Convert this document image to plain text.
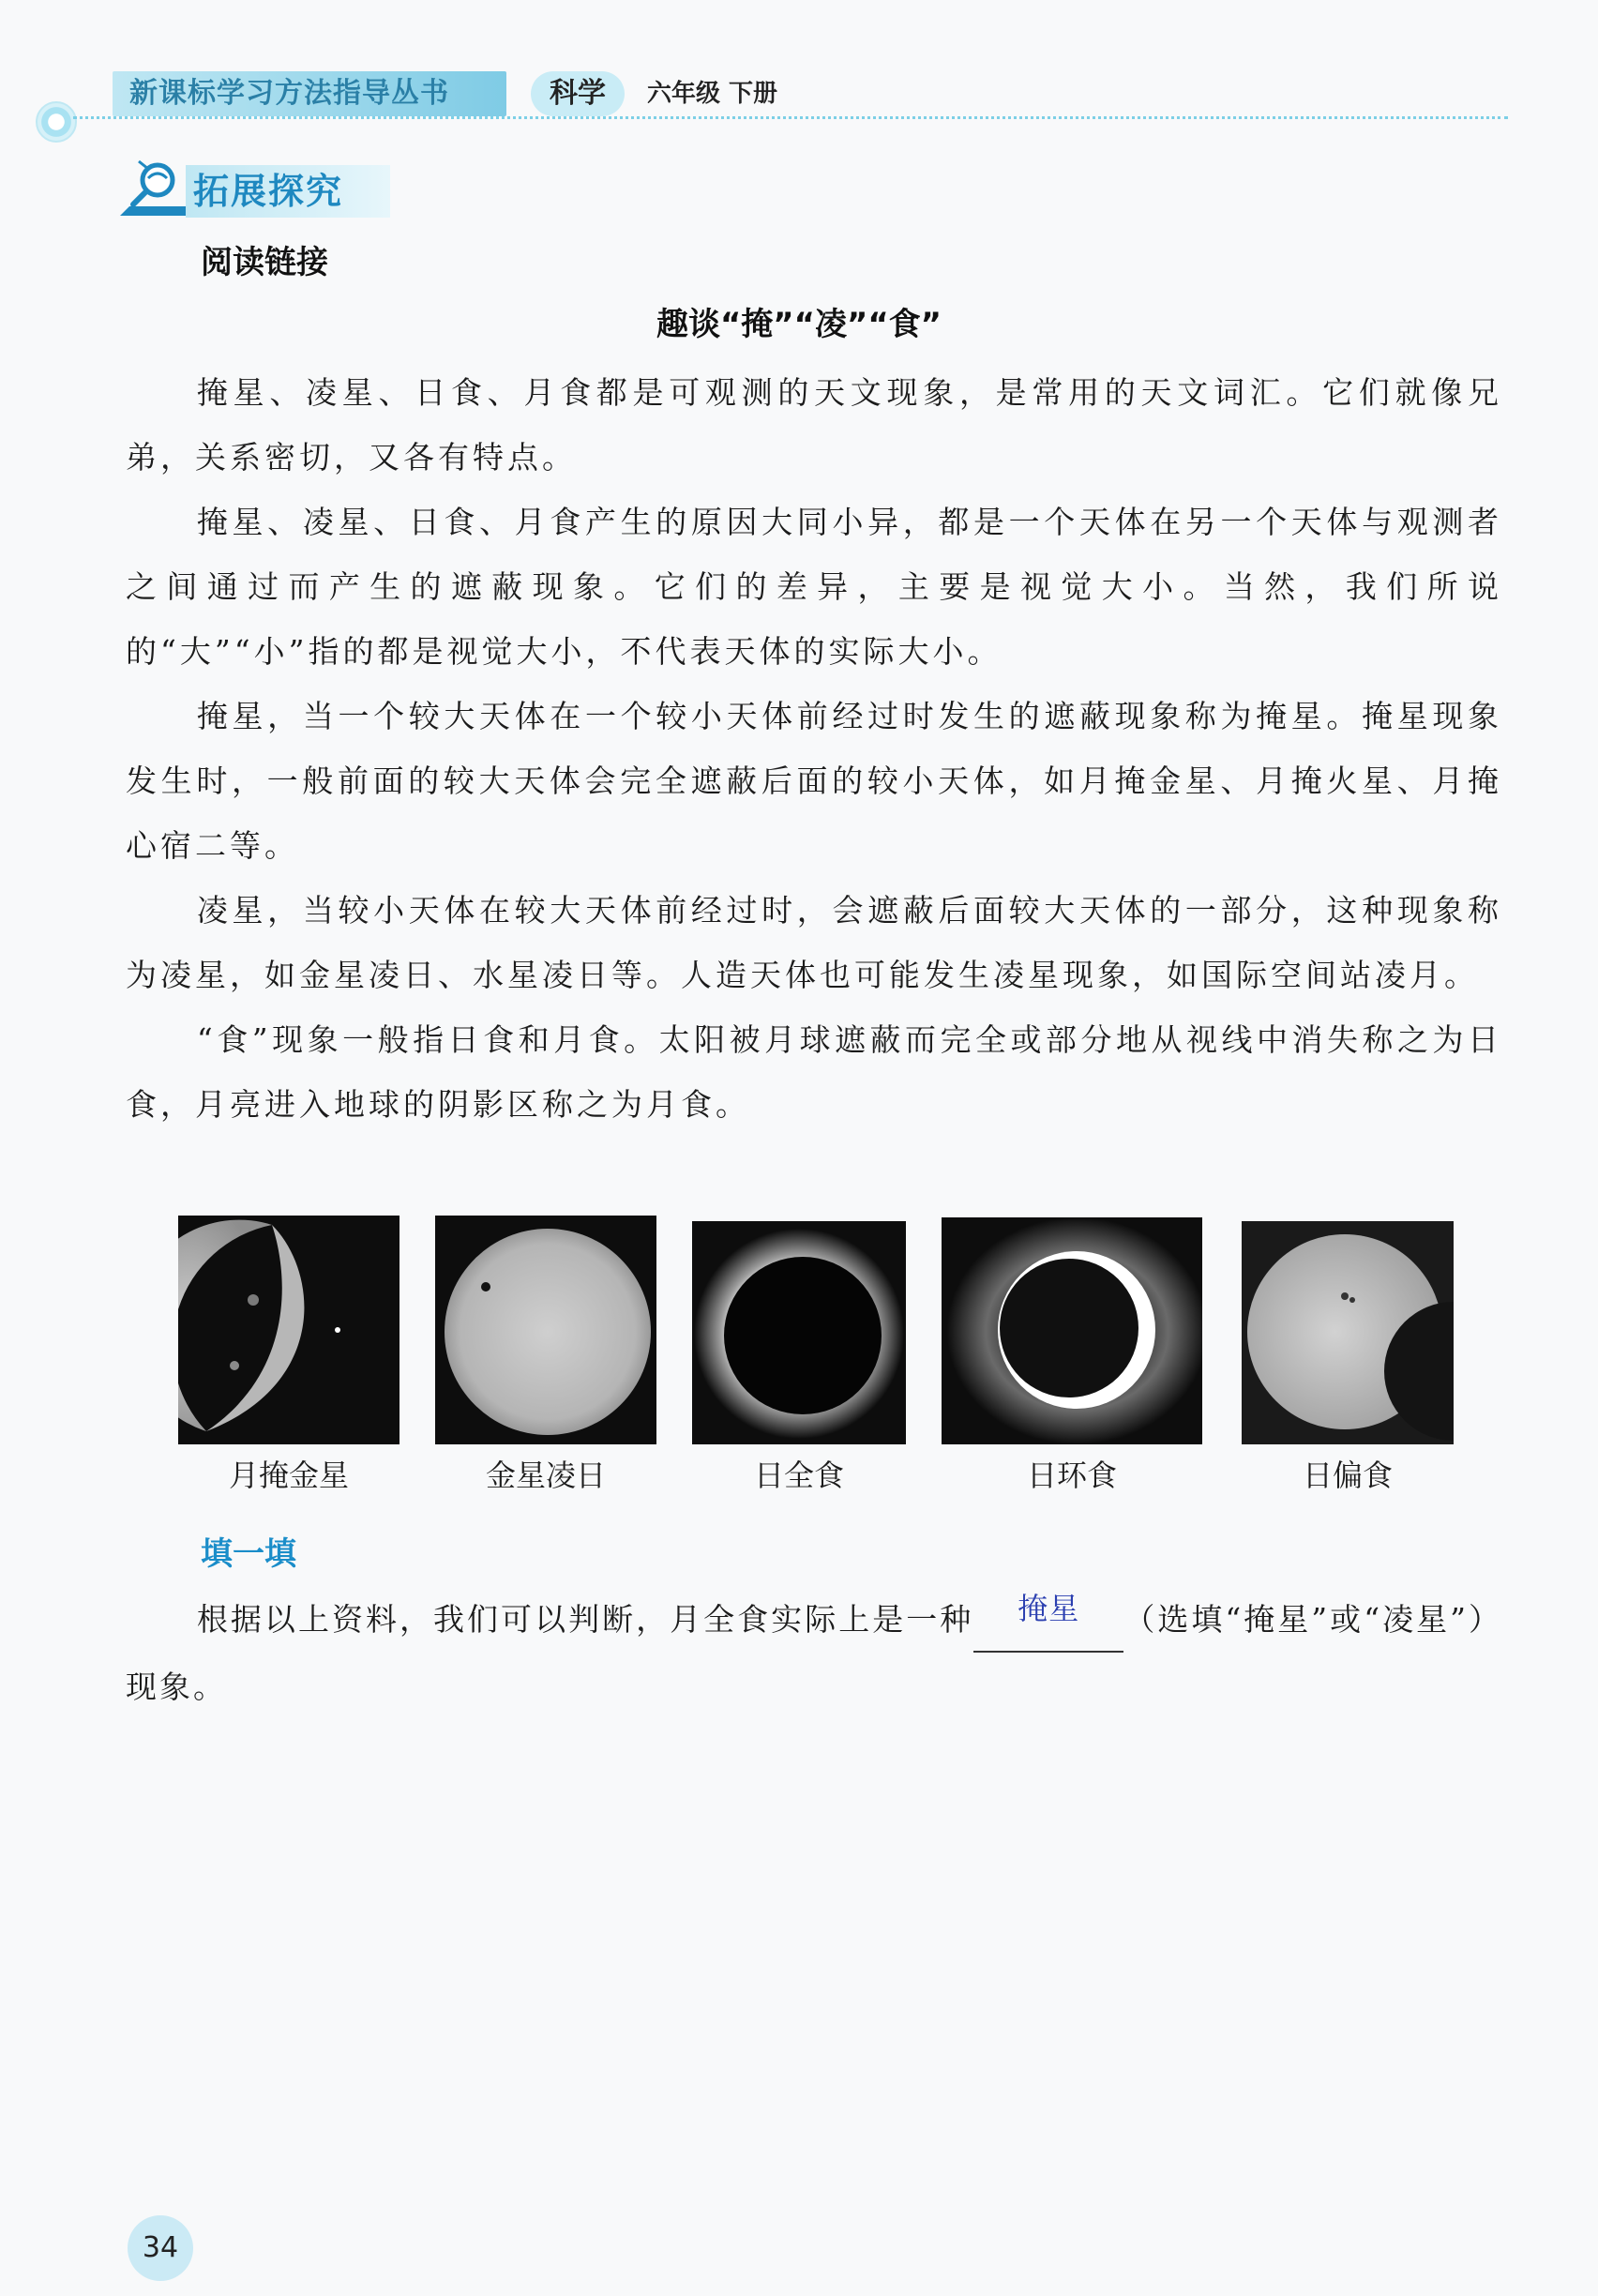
新课标学习方法指导丛书	科学	六年级 下册
拓展探究
阅读链接
趣谈“掩”“凌”“食”

掩星、凌星、日食、月食都是可观测的天文现象，是常用的天文词汇。它们就像兄弟，关系密切，又各有特点。

掩星、凌星、日食、月食产生的原因大同小异，都是一个天体在另一个天体与观测者之间通过而产生的遮蔽现象。它们的差异，主要是视觉大小。当然，我们所说的“大”“小”指的都是视觉大小，不代表天体的实际大小。

掩星，当一个较大天体在一个较小天体前经过时发生的遮蔽现象称为掩星。掩星现象发生时，一般前面的较大天体会完全遮蔽后面的较小天体，如月掩金星、月掩火星、月掩心宿二等。

凌星，当较小天体在较大天体前经过时，会遮蔽后面较大天体的一部分，这种现象称为凌星，如金星凌日、水星凌日等。人造天体也可能发生凌星现象，如国际空间站凌月。

“食”现象一般指日食和月食。太阳被月球遮蔽而完全或部分地从视线中消失称之为日食，月亮进入地球的阴影区称之为月食。

月掩金星	金星凌日	日全食	日环食	日偏食
填一填
根据以上资料，我们可以判断，月全食实际上是一种 掩星 （选填“掩星”或“凌星”）现象。
34
